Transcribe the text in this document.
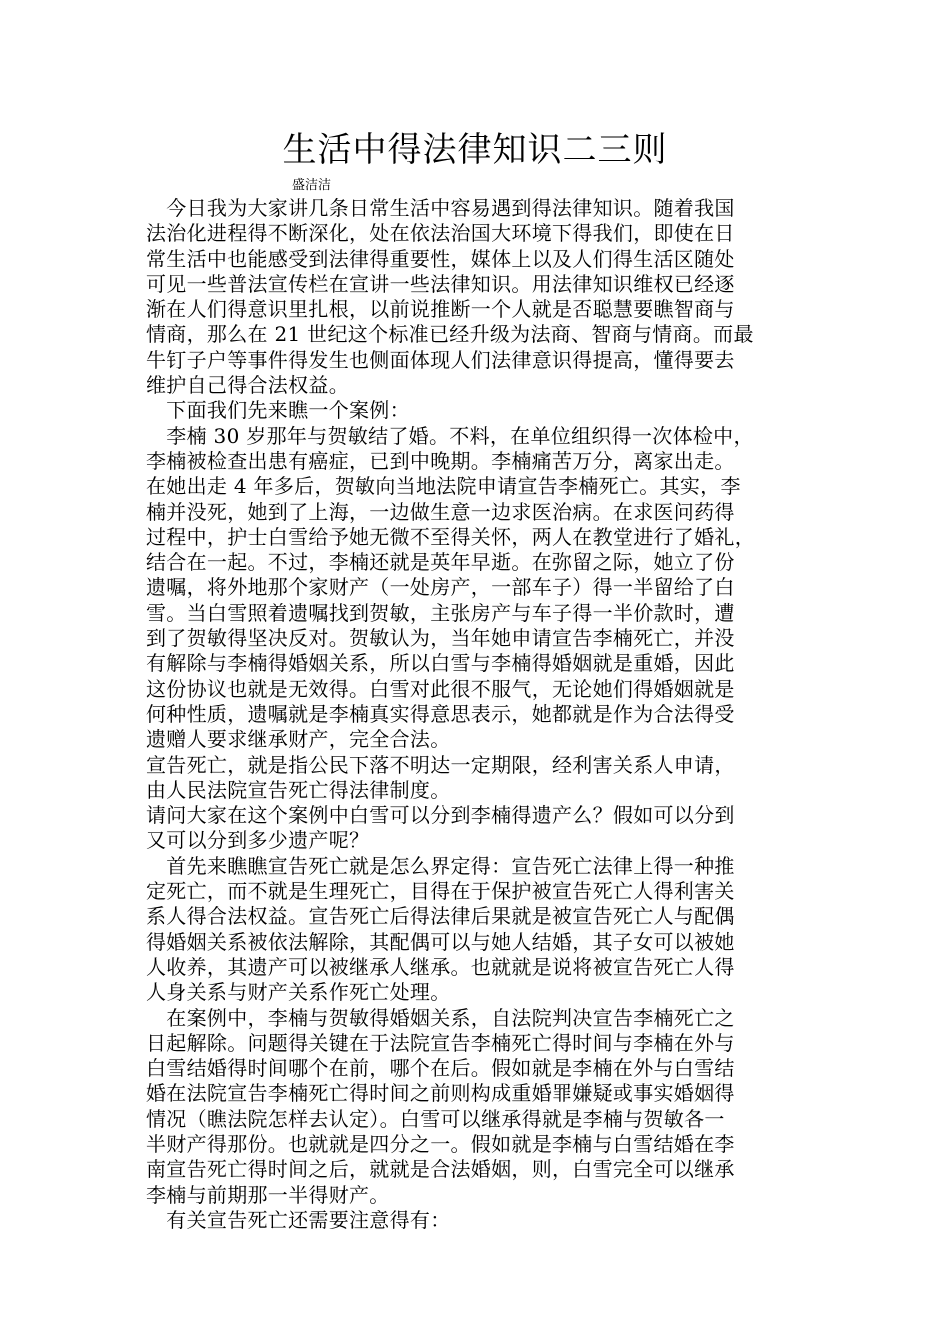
生活中得法律知识二三则
盛洁洁
　今日我为大家讲几条日常生活中容易遇到得法律知识。随着我国
法治化进程得不断深化，处在依法治国大环境下得我们，即使在日
常生活中也能感受到法律得重要性，媒体上以及人们得生活区随处
可见一些普法宣传栏在宣讲一些法律知识。用法律知识维权已经逐
渐在人们得意识里扎根，以前说推断一个人就是否聪慧要瞧智商与
情商，那么在 21 世纪这个标准已经升级为法商、智商与情商。而最
牛钉子户等事件得发生也侧面体现人们法律意识得提高，懂得要去
维护自己得合法权益。
　下面我们先来瞧一个案例：
　李楠 30 岁那年与贺敏结了婚。不料，在单位组织得一次体检中，
李楠被检查出患有癌症，已到中晚期。李楠痛苦万分，离家出走。
在她出走 4 年多后，贺敏向当地法院申请宣告李楠死亡。其实，李
楠并没死，她到了上海，一边做生意一边求医治病。在求医问药得
过程中，护士白雪给予她无微不至得关怀，两人在教堂进行了婚礼，
结合在一起。不过，李楠还就是英年早逝。在弥留之际，她立了份
遗嘱，将外地那个家财产（一处房产，一部车子）得一半留给了白
雪。当白雪照着遗嘱找到贺敏，主张房产与车子得一半价款时，遭
到了贺敏得坚决反对。贺敏认为，当年她申请宣告李楠死亡，并没
有解除与李楠得婚姻关系，所以白雪与李楠得婚姻就是重婚，因此
这份协议也就是无效得。白雪对此很不服气，无论她们得婚姻就是
何种性质，遗嘱就是李楠真实得意思表示，她都就是作为合法得受
遗赠人要求继承财产，完全合法。
宣告死亡，就是指公民下落不明达一定期限，经利害关系人申请，
由人民法院宣告死亡得法律制度。
请问大家在这个案例中白雪可以分到李楠得遗产么？假如可以分到
又可以分到多少遗产呢？
　首先来瞧瞧宣告死亡就是怎么界定得：宣告死亡法律上得一种推
定死亡，而不就是生理死亡，目得在于保护被宣告死亡人得利害关
系人得合法权益。宣告死亡后得法律后果就是被宣告死亡人与配偶
得婚姻关系被依法解除，其配偶可以与她人结婚，其子女可以被她
人收养，其遗产可以被继承人继承。也就就是说将被宣告死亡人得
人身关系与财产关系作死亡处理。
　在案例中，李楠与贺敏得婚姻关系，自法院判决宣告李楠死亡之
日起解除。问题得关键在于法院宣告李楠死亡得时间与李楠在外与
白雪结婚得时间哪个在前，哪个在后。假如就是李楠在外与白雪结
婚在法院宣告李楠死亡得时间之前则构成重婚罪嫌疑或事实婚姻得
情况（瞧法院怎样去认定）。白雪可以继承得就是李楠与贺敏各一
半财产得那份。也就就是四分之一。假如就是李楠与白雪结婚在李
南宣告死亡得时间之后，就就是合法婚姻，则，白雪完全可以继承
李楠与前期那一半得财产。
　有关宣告死亡还需要注意得有：
